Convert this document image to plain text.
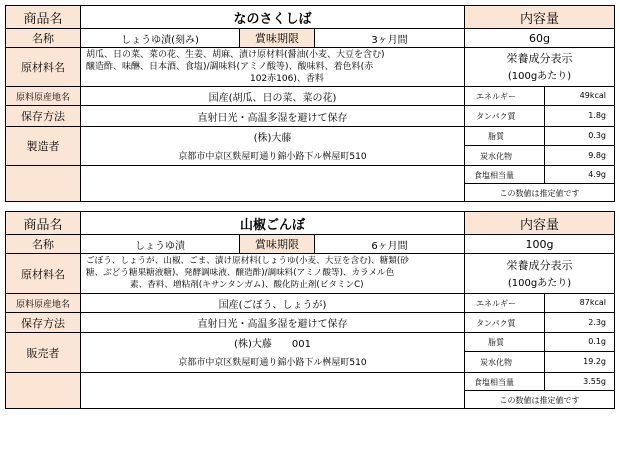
商品名	なのさくしば	内容量
名称	しょうゆ漬(刻み)	賞味期限	3ヶ月間	60g
原材料名
胡瓜、日の菜、菜の花、生姜、胡麻、漬け原材料(醤油(小麦、大豆を含む)
醸造酢、味醂、日本酒、食塩)/調味料(アミノ酸等)、酸味料、着色料(赤
102赤106)、香料
原料原産地名	国産(胡瓜、日の菜、菜の花)
保存方法	直射日光・高温多湿を避けて保存
製造者
(株)大藤
京都市中京区麩屋町通り錦小路下ル桝屋町510
栄養成分表示
(100gあたり)
エネルギー	49kcal
タンパク質	1.8g
脂質	0.3g
炭水化物	9.8g
食塩相当量	4.9g
この数値は推定値です
商品名	山椒ごんぼ	内容量
名称	しょうゆ漬	賞味期限	6ヶ月間	100g
原材料名
ごぼう、しょうが、山椒、ごま、漬け原材料(しょうゆ(小麦、大豆を含む)、糖類(砂
糖、ぶどう糖果糖液糖)、発酵調味液、醸造酢)/調味料(アミノ酸等)、カラメル色
素、香料、増粘剤(キサンタンガム)、酸化防止剤(ビタミンC)
原料原産地名	国産(ごぼう、しょうが)
保存方法	直射日光・高温多湿を避けて保存
販売者
(株)大藤　　001
京都市中京区麩屋町通り錦小路下ル桝屋町510
栄養成分表示
(100gあたり)
エネルギー	87kcal
タンパク質	2.3g
脂質	0.1g
炭水化物	19.2g
食塩相当量	3.55g
この数値は推定値です
